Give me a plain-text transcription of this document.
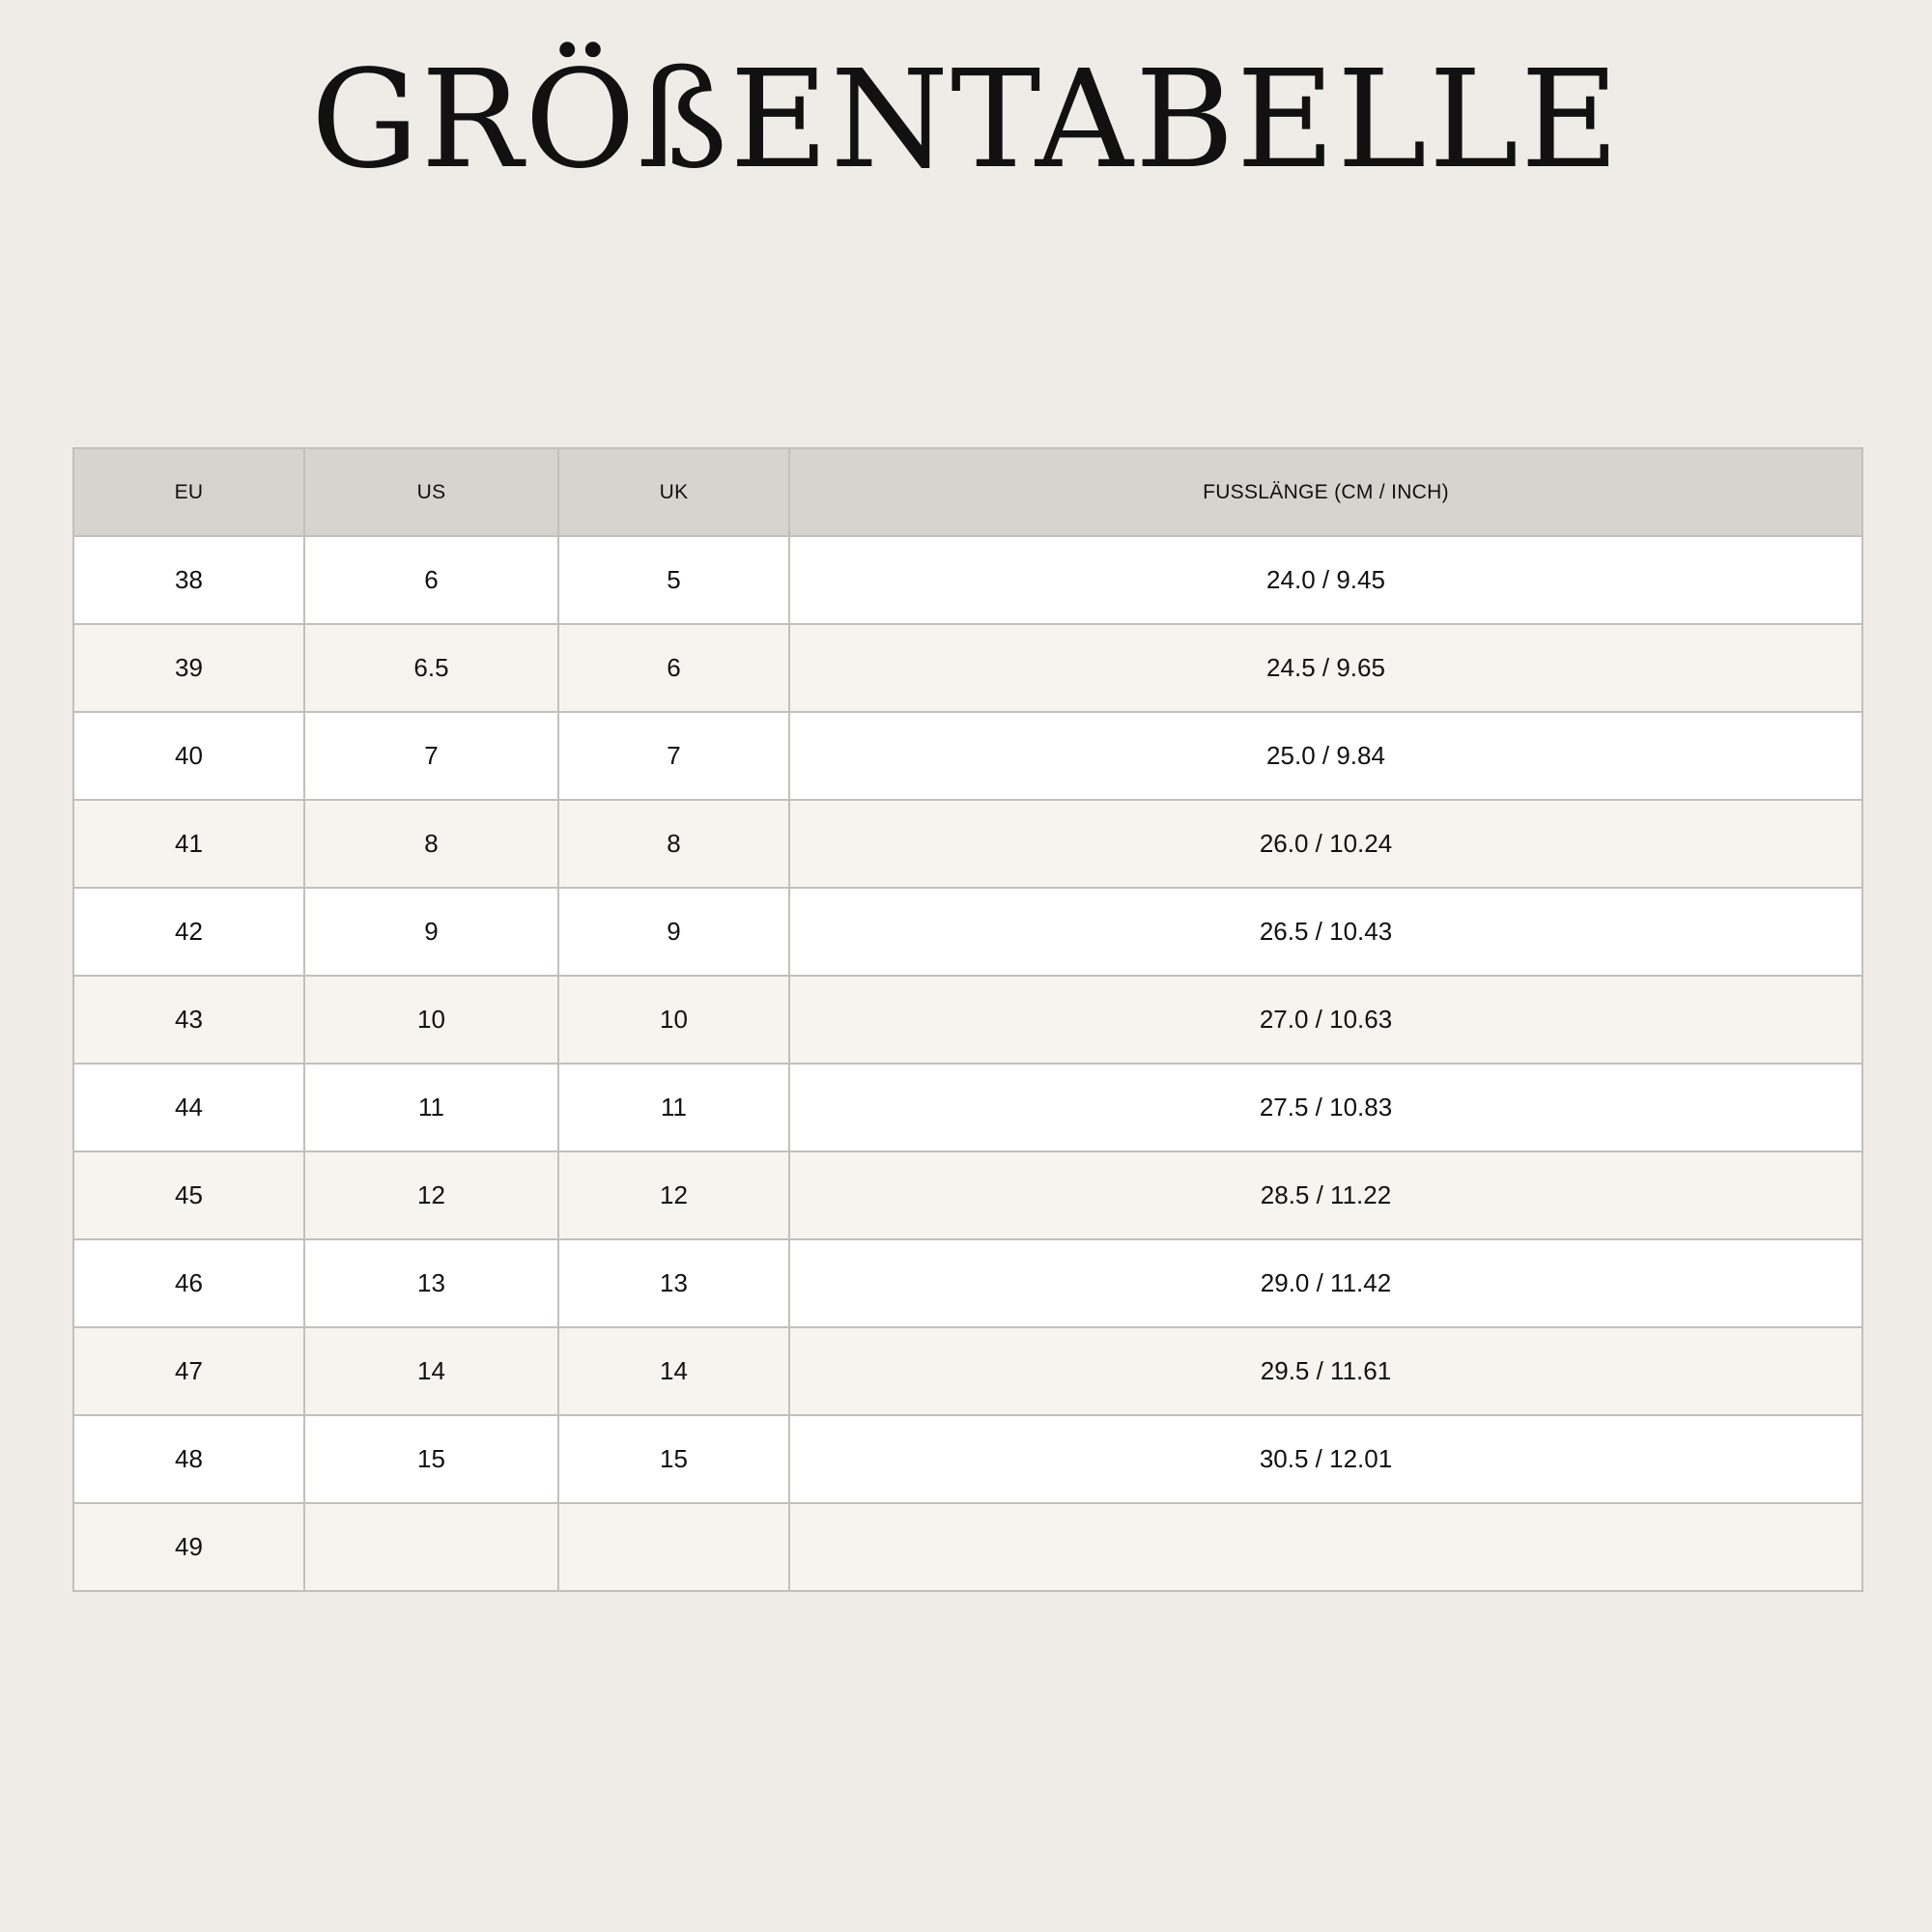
GRÖßENTABELLE
EU	US	UK	FUSSLÄNGE (CM / INCH)
38	6	5	24.0 / 9.45
39	6.5	6	24.5 / 9.65
40	7	7	25.0 / 9.84
41	8	8	26.0 / 10.24
42	9	9	26.5 / 10.43
43	10	10	27.0 / 10.63
44	11	11	27.5 / 10.83
45	12	12	28.5 / 11.22
46	13	13	29.0 / 11.42
47	14	14	29.5 / 11.61
48	15	15	30.5 / 12.01
49			
